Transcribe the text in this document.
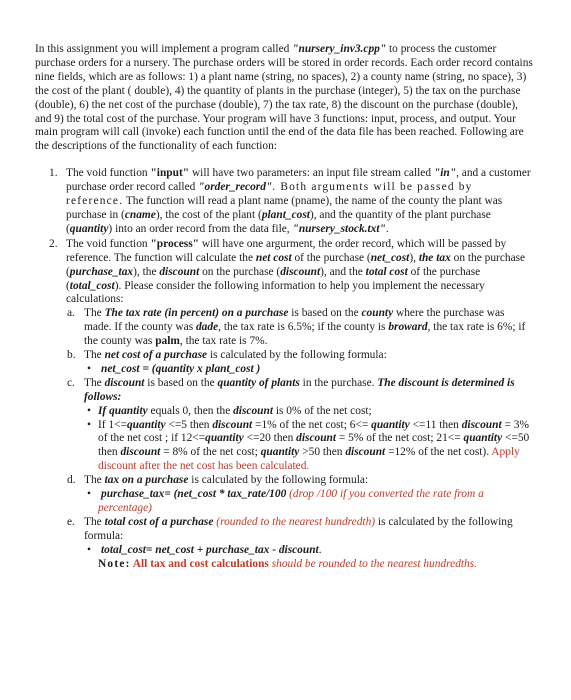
In this assignment you will implement a program called "nursery_inv3.cpp" to process the customer purchase orders for a nursery. The purchase orders will be stored in order records. Each order record contains nine fields, which are as follows: 1) a plant name (string, no spaces), 2) a county name (string, no space), 3) the cost of the plant ( double), 4) the quantity of plants in the purchase (integer), 5) the tax on the purchase (double), 6) the net cost of the purchase (double), 7) the tax rate, 8) the discount on the purchase (double), and 9) the total cost of the purchase. Your program will have 3 functions: input, process, and output. Your main program will call (invoke) each function until the end of the data file has been reached. Following are the descriptions of the functionality of each function:

1. The void function "input" will have two parameters: an input file stream called "in", and a customer purchase order record called "order_record". Both arguments will be passed by reference. The function will read a plant name (pname), the name of the county the plant was purchase in (cname), the cost of the plant (plant_cost), and the quantity of the plant purchase (quantity) into an order record from the data file, "nursery_stock.txt".
2. The void function "process" will have one argurment, the order record, which will be passed by reference. The function will calculate the net cost of the purchase (net_cost), the tax on the purchase (purchase_tax), the discount on the purchase (discount), and the total cost of the purchase (total_cost). Please consider the following information to help you implement the necessary calculations:
a. The The tax rate (in percent) on a purchase is based on the county where the purchase was made. If the county was dade, the tax rate is 6.5%; if the county is broward, the tax rate is 6%; if the county was palm, the tax rate is 7%.
b. The net cost of a purchase is calculated by the following formula:
• net_cost = (quantity x plant_cost )
c. The discount is based on the quantity of plants in the purchase. The discount is determined is follows:
• If quantity equals 0, then the discount is 0% of the net cost;
• If 1<=quantity <=5 then discount =1% of the net cost; 6<= quantity <=11 then discount = 3% of the net cost ; if 12<=quantity <=20 then discount = 5% of the net cost; 21<= quantity <=50 then discount = 8% of the net cost; quantity >50 then discount =12% of the net cost). Apply discount after the net cost has been calculated.
d. The tax on a purchase is calculated by the following formula:
• purchase_tax= (net_cost * tax_rate/100 (drop /100 if you converted the rate from a percentage)
e. The total cost of a purchase (rounded to the nearest hundredth) is calculated by the following formula:
• total_cost= net_cost + purchase_tax - discount.
Note: All tax and cost calculations should be rounded to the nearest hundredths.
